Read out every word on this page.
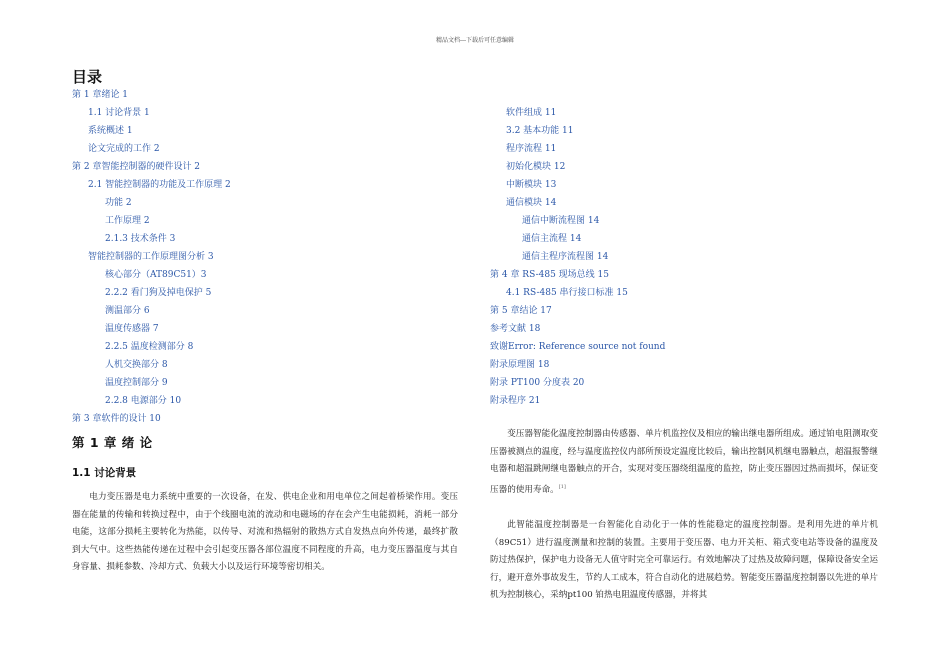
精品文档---下载后可任意编辑
目录
第 1 章绪论 1
1.1 讨论背景 1
系统概述 1
论文完成的工作 2
第 2 章智能控制器的硬件设计 2
2.1 智能控制器的功能及工作原理 2
功能 2
工作原理 2
2.1.3 技术条件 3
智能控制器的工作原理图分析 3
核心部分（AT89C51）3
2.2.2 看门狗及掉电保护 5
测温部分 6
温度传感器 7
2.2.5 温度检测部分 8
人机交换部分 8
温度控制部分 9
2.2.8 电源部分 10
第 3 章软件的设计 10
软件组成 11
3.2 基本功能 11
程序流程 11
初始化模块 12
中断模块 13
通信模块 14
通信中断流程图 14
通信主流程 14
通信主程序流程图 14
第 4 章 RS-485 现场总线 15
4.1 RS-485 串行接口标准 15
第 5 章结论 17
参考文献 18
致谢Error: Reference source not found
附录原理图 18
附录 PT100 分度表 20
附录程序 21
第 1 章 绪 论
1.1 讨论背景

电力变压器是电力系统中重要的一次设备，在发、供电企业和用电单位之间起着桥梁作用。变压器在能量的传输和转换过程中，由于个线圈电流的流动和电磁场的存在会产生电能损耗，消耗一部分电能，这部分损耗主要转化为热能，以传导、对流和热辐射的散热方式自发热点向外传递，最终扩散到大气中。这些热能传递在过程中会引起变压器各部位温度不同程度的升高，电力变压器温度与其自身容量、损耗参数、冷却方式、负载大小以及运行环境等密切相关。

变压器智能化温度控制器由传感器、单片机监控仪及相应的输出继电器所组成。通过铂电阻测取变压器被测点的温度，经与温度监控仪内部所预设定温度比较后，输出控制风机继电器触点，超温报警继电器和超温跳闸继电器触点的开合，实现对变压器绕组温度的监控，防止变压器因过热而损坏，保证变压器的使用寿命。[1]

此智能温度控制器是一台智能化自动化于一体的性能稳定的温度控制器。是利用先进的单片机（89C51）进行温度测量和控制的装置。主要用于变压器、电力开关柜、箱式变电站等设备的温度及防过热保护，保护电力设备无人值守时完全可靠运行。有效地解决了过热及故障问题，保障设备安全运行，避开意外事故发生，节约人工成本，符合自动化的进展趋势。智能变压器温度控制器以先进的单片机为控制核心，采纳pt100 铂热电阻温度传感器，并将其
